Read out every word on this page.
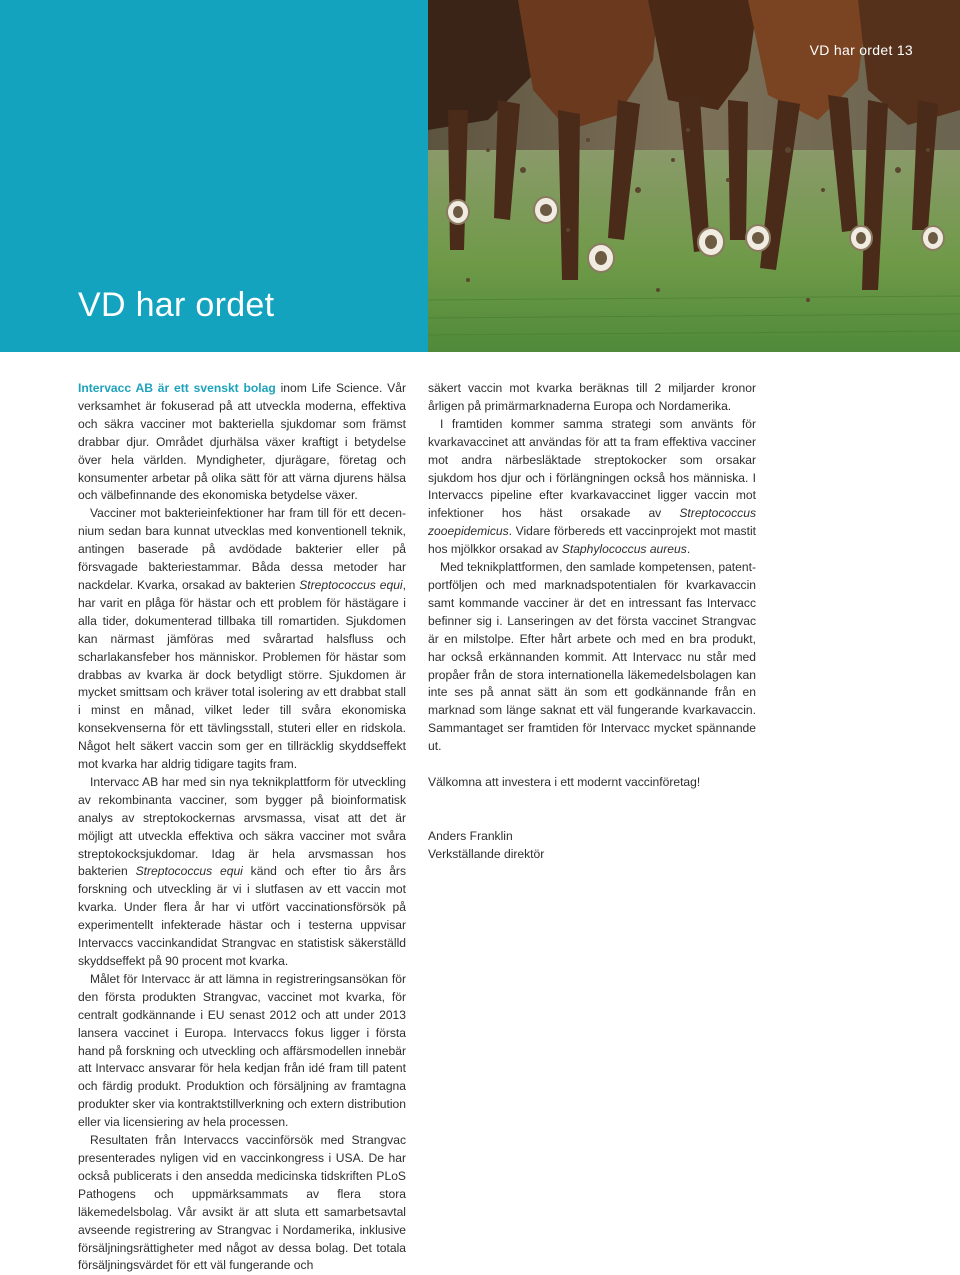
VD har ordet 13
VD har ordet

Intervacc AB är ett svenskt bolag inom Life Science. Vår verksamhet är fokuserad på att utveckla moderna, effektiva och säkra vacciner mot bakteriella sjukdomar som främst drabbar djur. Området djurhälsa växer kraftigt i betydelse över hela världen. Myndigheter, djurägare, företag och konsumenter arbetar på olika sätt för att värna djurens hälsa och välbefinnande des ekonomiska betydelse växer.

Vacciner mot bakterieinfektioner har fram till för ett decennium sedan bara kunnat utvecklas med konventionell teknik, antingen baserade på avdödade bakterier eller på försvagade bakteriestammar. Båda dessa metoder har nackdelar. Kvarka, orsakad av bakterien Streptococcus equi, har varit en plåga för hästar och ett problem för hästägare i alla tider, dokumenterad tillbaka till romartiden. Sjukdomen kan närmast jämföras med svårartad halsfluss och scharlakansfeber hos människor. Problemen för hästar som drabbas av kvarka är dock betydligt större. Sjukdomen är mycket smittsam och kräver total isolering av ett drabbat stall i minst en månad, vilket leder till svåra ekonomiska konsekvenserna för ett tävlingsstall, stuteri eller en ridskola. Något helt säkert vaccin som ger en tillräcklig skyddseffekt mot kvarka har aldrig tidigare tagits fram.

Intervacc AB har med sin nya teknikplattform för utveckling av rekombinanta vacciner, som bygger på bioinformatisk analys av streptokockernas arvsmassa, visat att det är möjligt att utveckla effektiva och säkra vacciner mot svåra streptokocksjukdomar. Idag är hela arvsmassan hos bakterien Streptococcus equi känd och efter tio års års forskning och utveckling är vi i slutfasen av ett vaccin mot kvarka. Under flera år har vi utfört vaccinationsförsök på experimentellt infekterade hästar och i testerna uppvisar Intervaccs vaccinkandidat Strangvac en statistisk säkerställd skyddseffekt på 90 procent mot kvarka.

Målet för Intervacc är att lämna in registreringsansökan för den första produkten Strangvac, vaccinet mot kvarka, för centralt godkännande i EU senast 2012 och att under 2013 lansera vaccinet i Europa. Intervaccs fokus ligger i första hand på forskning och utveckling och affärsmodellen innebär att Intervacc ansvarar för hela kedjan från idé fram till patent och färdig produkt. Produktion och försäljning av framtagna produkter sker via kontraktstillverkning och extern distribution eller via licensiering av hela processen.

Resultaten från Intervaccs vaccinförsök med Strangvac presenterades nyligen vid en vaccinkongress i USA. De har också publicerats i den ansedda medicinska tidskriften PLoS Pathogens och uppmärksammats av flera stora läkemedelsbolag. Vår avsikt är att sluta ett samarbetsavtal avseende registrering av Strangvac i Nordamerika, inklusive försäljningsrättigheter med något av dessa bolag. Det totala försäljningsvärdet för ett väl fungerande och

säkert vaccin mot kvarka beräknas till 2 miljarder kronor årligen på primärmarknaderna Europa och Nordamerika.

I framtiden kommer samma strategi som använts för kvarkavaccinet att användas för att ta fram effektiva vacciner mot andra närbesläktade streptokocker som orsakar sjukdom hos djur och i förlängningen också hos människa. I Intervaccs pipeline efter kvarkavaccinet ligger vaccin mot infektioner hos häst orsakade av Streptococcus zooepidemicus. Vidare förbereds ett vaccinprojekt mot mastit hos mjölkkor orsakad av Staphylococcus aureus.

Med teknikplattformen, den samlade kompetensen, patentportföljen och med marknadspotentialen för kvarkavaccin samt kommande vacciner är det en intressant fas Intervacc befinner sig i. Lanseringen av det första vaccinet Strangvac är en milstolpe. Efter hårt arbete och med en bra produkt, har också erkännanden kommit. Att Intervacc nu står med propåer från de stora internationella läkemedelsbolagen kan inte ses på annat sätt än som ett godkännande från en marknad som länge saknat ett väl fungerande kvarkavaccin. Sammantaget ser framtiden för Intervacc mycket spännande ut.

Välkomna att investera i ett modernt vaccinföretag!

Anders Franklin

Verkställande direktör
